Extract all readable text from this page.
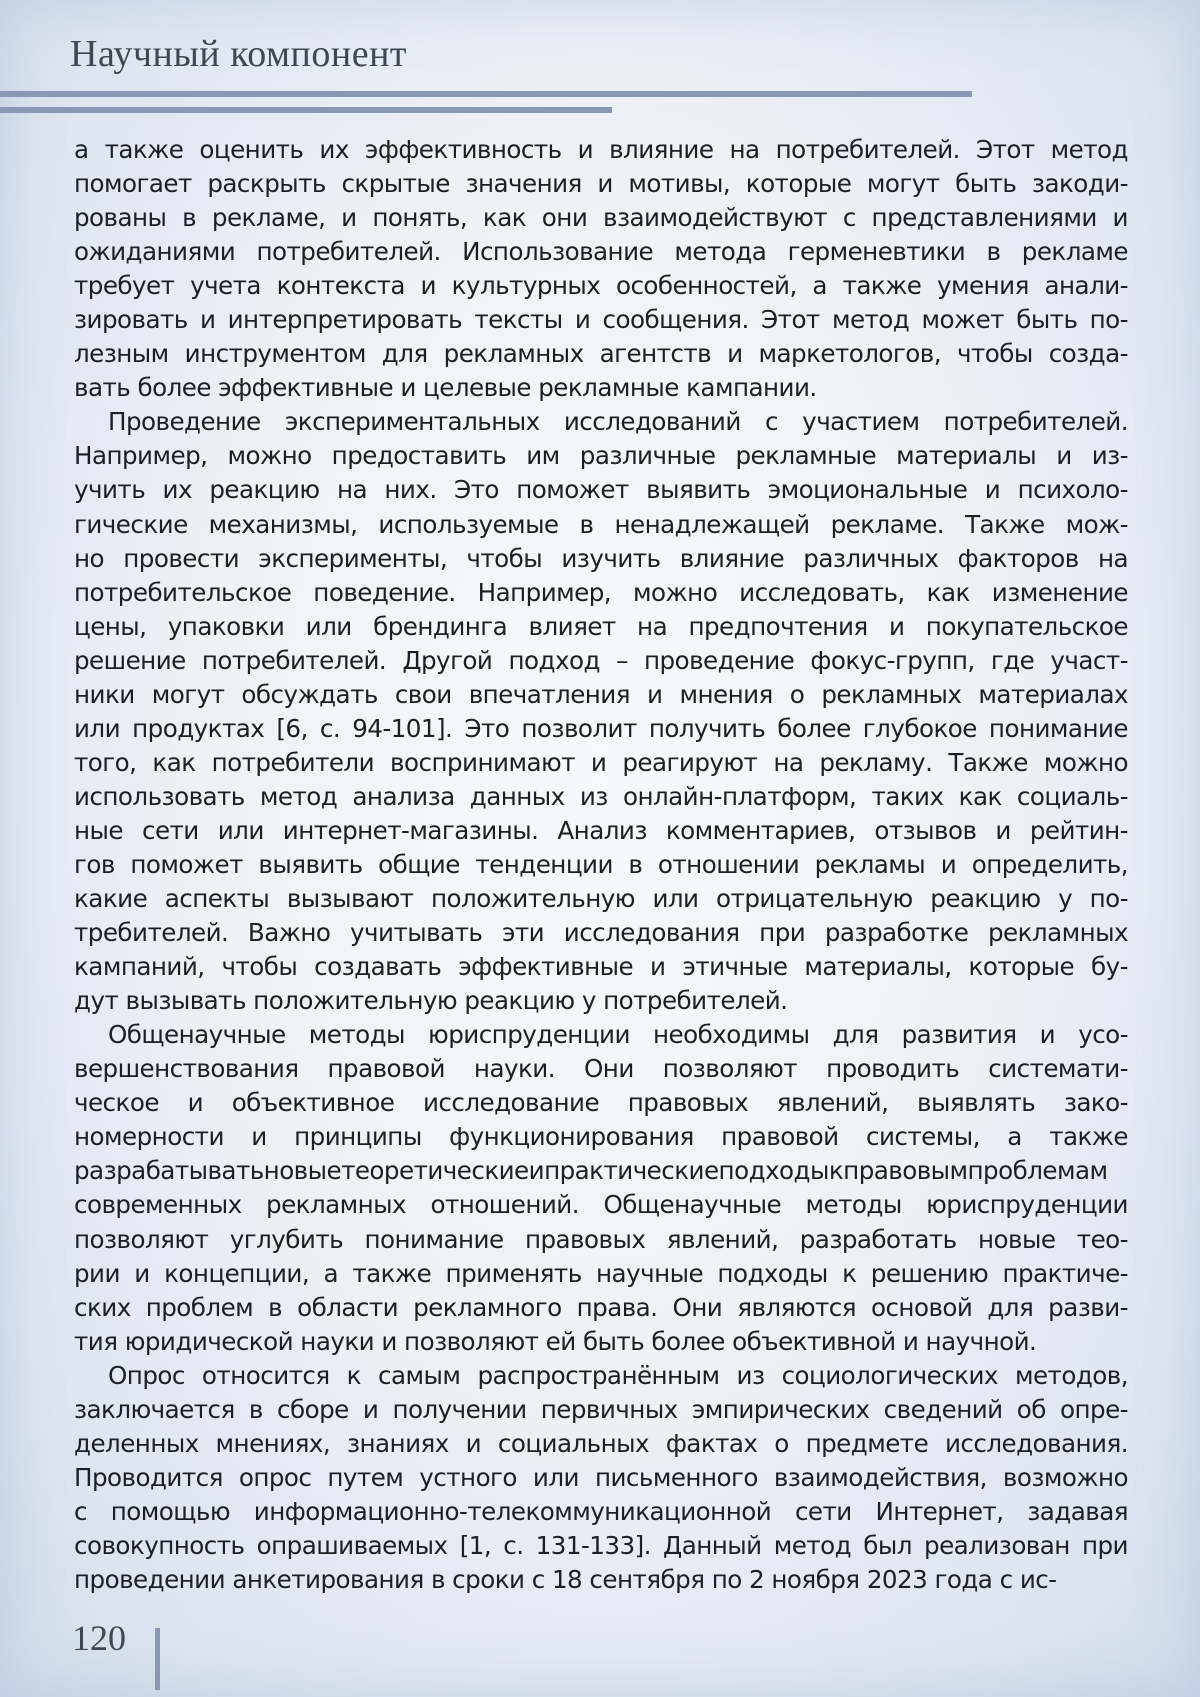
Научный компонент
а также оценить их эффективность и влияние на потребителей. Этот метод
помогает раскрыть скрытые значения и мотивы, которые могут быть закоди-
рованы в рекламе, и понять, как они взаимодействуют с представлениями и
ожиданиями потребителей. Использование метода герменевтики в рекламе
требует учета контекста и культурных особенностей, а также умения анали-
зировать и интерпретировать тексты и сообщения. Этот метод может быть по-
лезным инструментом для рекламных агентств и маркетологов, чтобы созда-
вать более эффективные и целевые рекламные кампании.
Проведение экспериментальных исследований с участием потребителей.
Например, можно предоставить им различные рекламные материалы и из-
учить их реакцию на них. Это поможет выявить эмоциональные и психоло-
гические механизмы, используемые в ненадлежащей рекламе. Также мож-
но провести эксперименты, чтобы изучить влияние различных факторов на
потребительское поведение. Например, можно исследовать, как изменение
цены, упаковки или брендинга влияет на предпочтения и покупательское
решение потребителей. Другой подход – проведение фокус-групп, где участ-
ники могут обсуждать свои впечатления и мнения о рекламных материалах
или продуктах [6, с. 94-101]. Это позволит получить более глубокое понимание
того, как потребители воспринимают и реагируют на рекламу. Также можно
использовать метод анализа данных из онлайн-платформ, таких как социаль-
ные сети или интернет-магазины. Анализ комментариев, отзывов и рейтин-
гов поможет выявить общие тенденции в отношении рекламы и определить,
какие аспекты вызывают положительную или отрицательную реакцию у по-
требителей. Важно учитывать эти исследования при разработке рекламных
кампаний, чтобы создавать эффективные и этичные материалы, которые бу-
дут вызывать положительную реакцию у потребителей.
Общенаучные методы юриспруденции необходимы для развития и усо-
вершенствования правовой науки. Они позволяют проводить системати-
ческое и объективное исследование правовых явлений, выявлять зако-
номерности и принципы функционирования правовой системы, а также
разрабатыватьновыетеоретическиеипрактическиеподходыкправовымпроблемам
современных рекламных отношений. Общенаучные методы юриспруденции
позволяют углубить понимание правовых явлений, разработать новые тео-
рии и концепции, а также применять научные подходы к решению практиче-
ских проблем в области рекламного права. Они являются основой для разви-
тия юридической науки и позволяют ей быть более объективной и научной.
Опрос относится к самым распространённым из социологических методов,
заключается в сборе и получении первичных эмпирических сведений об опре-
деленных мнениях, знаниях и социальных фактах о предмете исследования.
Проводится опрос путем устного или письменного взаимодействия, возможно
с помощью информационно-телекоммуникационной сети Интернет, задавая
совокупность опрашиваемых [1, с. 131-133]. Данный метод был реализован при
проведении анкетирования в сроки с 18 сентября по 2 ноября 2023 года с ис-
120
